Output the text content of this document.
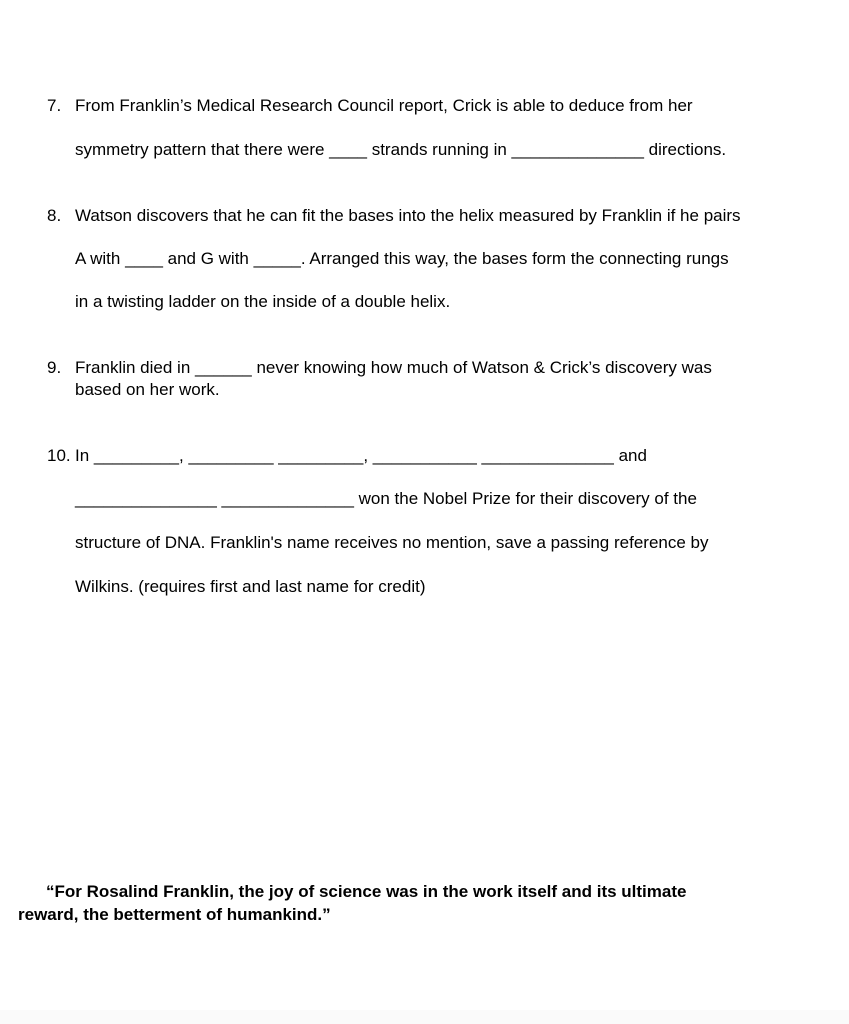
7. From Franklin’s Medical Research Council report, Crick is able to deduce from her
symmetry pattern that there were ____ strands running in ______________ directions.
8. Watson discovers that he can fit the bases into the helix measured by Franklin if he pairs
A with ____ and G with _____. Arranged this way, the bases form the connecting rungs
in a twisting ladder on the inside of a double helix.
9. Franklin died in ______ never knowing how much of Watson & Crick’s discovery was
based on her work.
10. In _________, _________ _________, ___________ ______________ and
_______________ ______________ won the Nobel Prize for their discovery of the
structure of DNA. Franklin's name receives no mention, save a passing reference by
Wilkins. (requires first and last name for credit)
“For Rosalind Franklin, the joy of science was in the work itself and its ultimate
reward, the betterment of humankind.”
